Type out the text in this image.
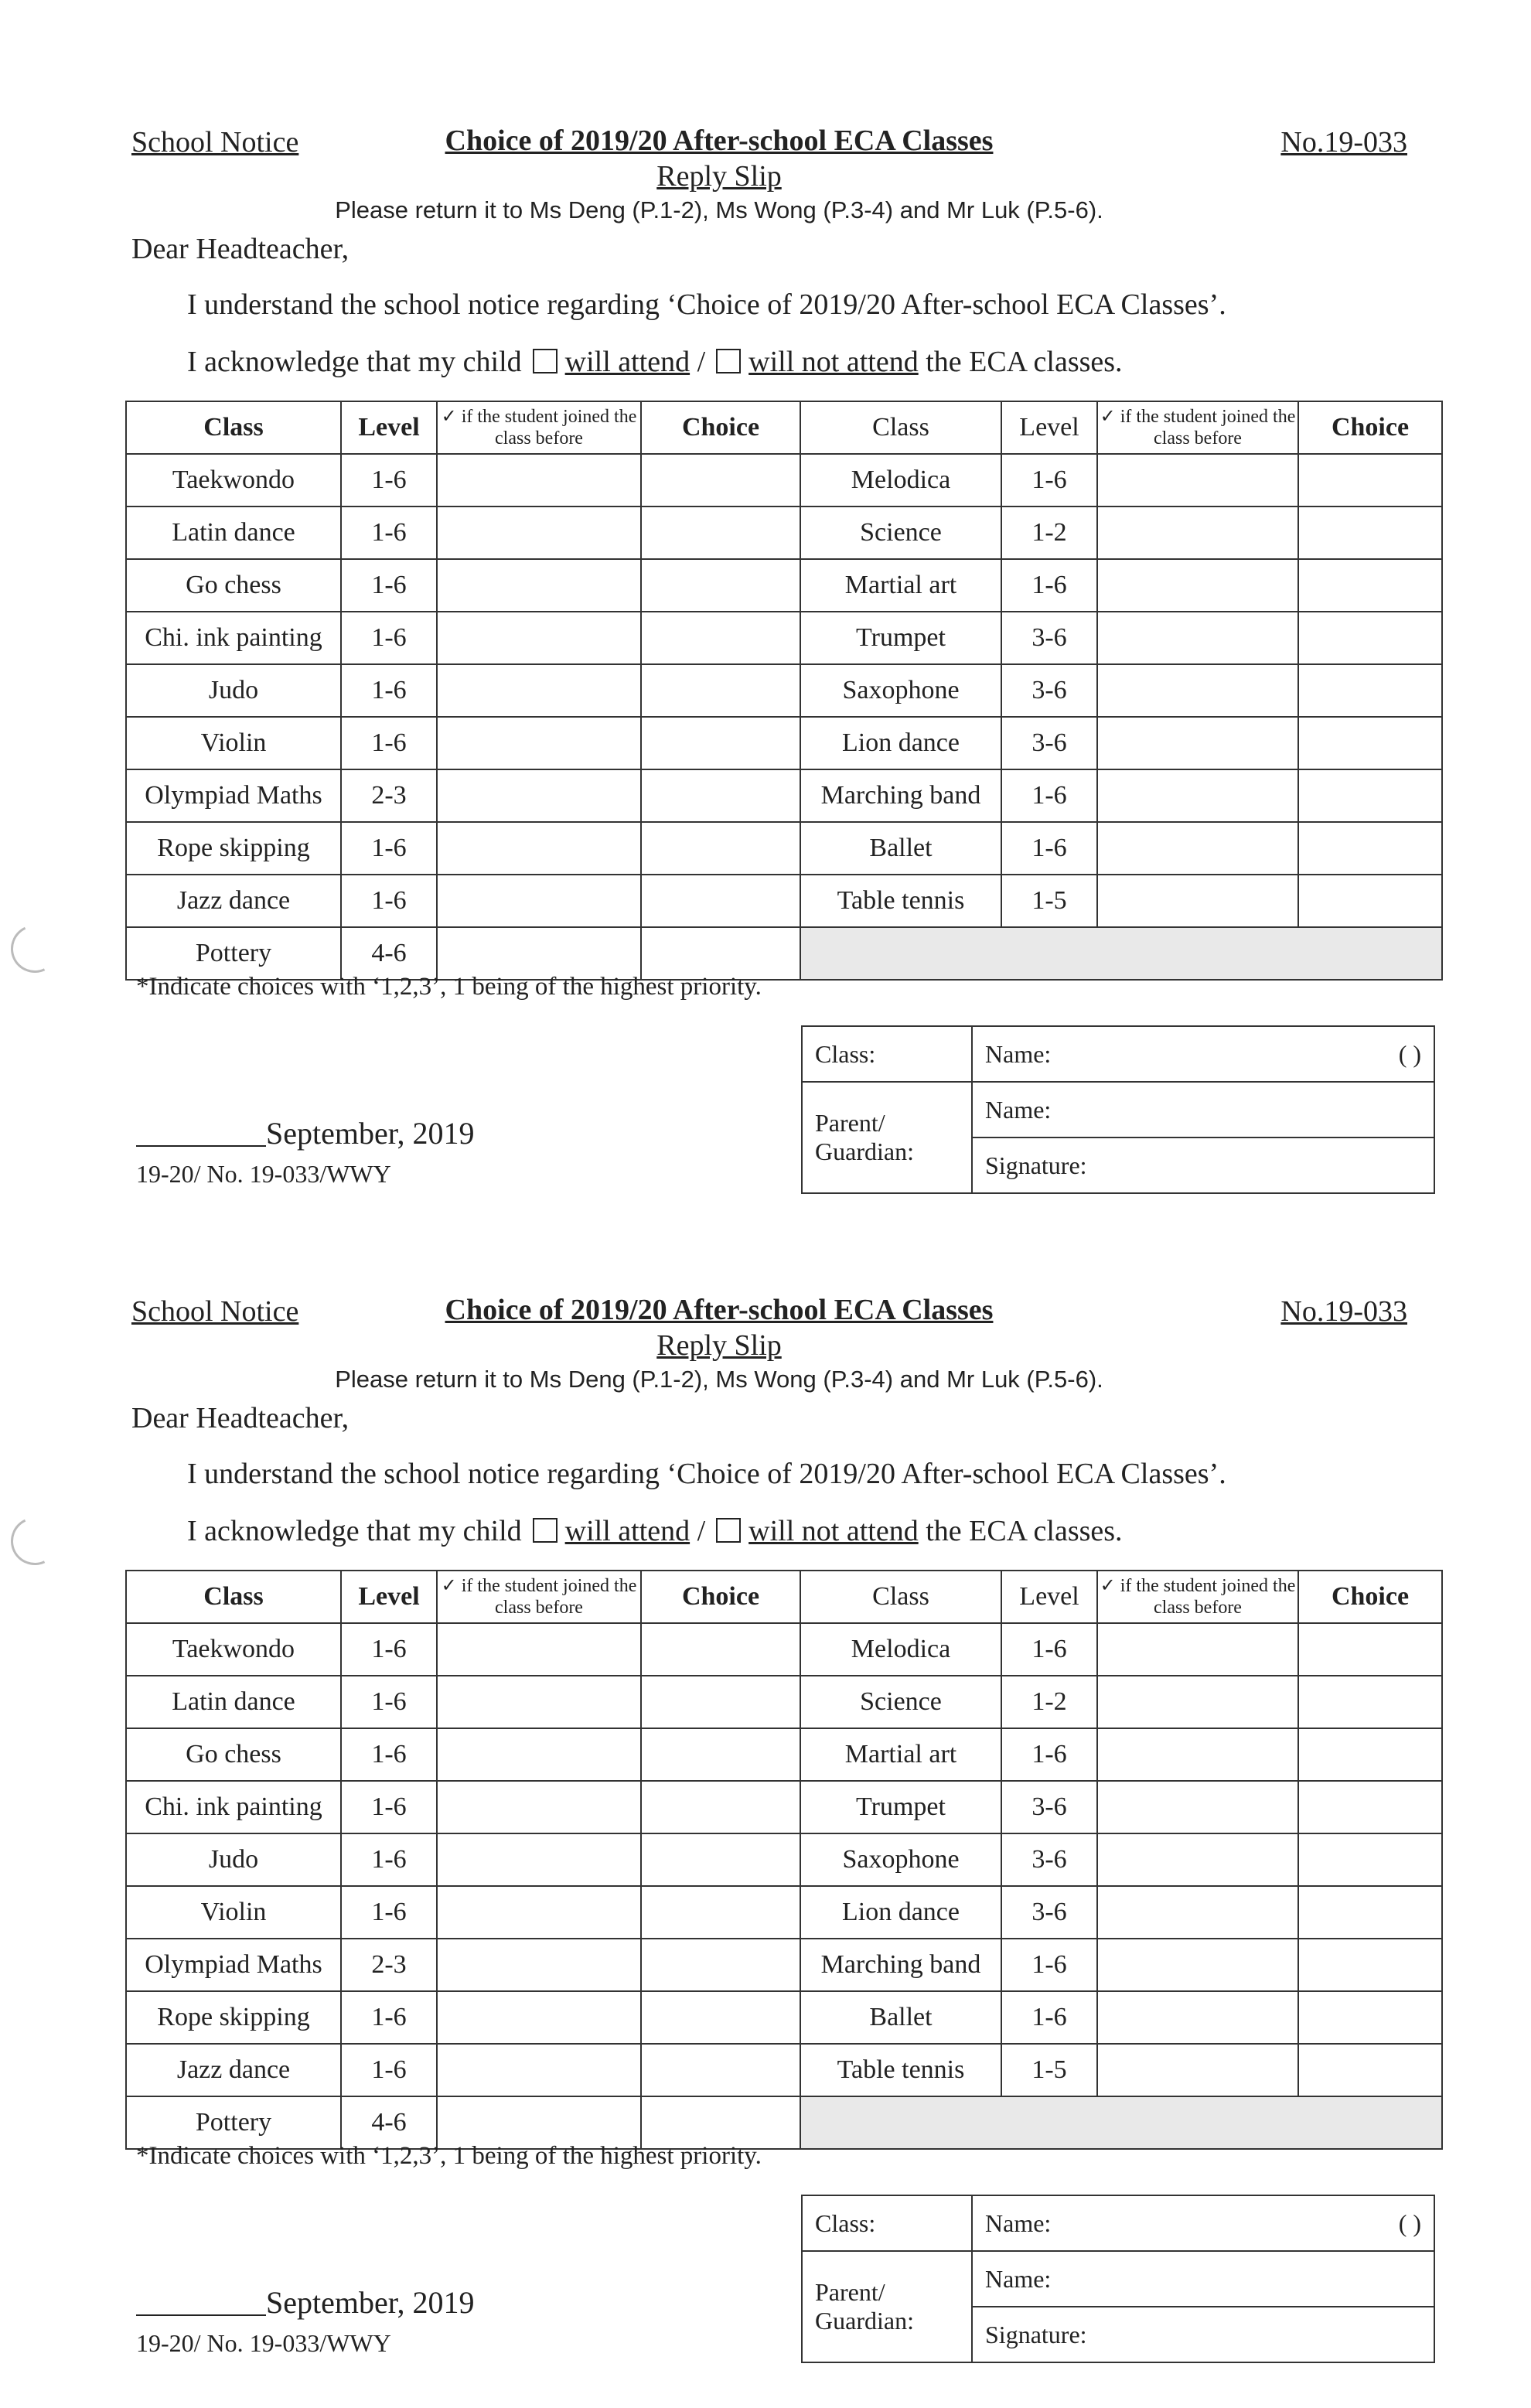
School Notice	Choice of 2019/20 After-school ECA Classes
Reply Slip
No.19-033
Please return it to Ms Deng (P.1-2), Ms Wong (P.3-4) and Mr Luk (P.5-6).
Dear Headteacher,
I understand the school notice regarding ‘Choice of 2019/20 After-school ECA Classes’.
I acknowledge that my child will attend / will not attend the ECA classes.
Class	Level	✓ if the student joined the class before	Choice	Class	Level	✓ if the student joined the class before	Choice
Taekwondo	1-6			Melodica	1-6		
Latin dance	1-6			Science	1-2		
Go chess	1-6			Martial art	1-6		
Chi. ink painting	1-6			Trumpet	3-6		
Judo	1-6			Saxophone	3-6		
Violin	1-6			Lion dance	3-6		
Olympiad Maths	2-3			Marching band	1-6		
Rope skipping	1-6			Ballet	1-6		
Jazz dance	1-6			Table tennis	1-5		
Pottery	4-6						
*Indicate choices with ‘1,2,3’, 1 being of the highest priority.
September, 2019
19-20/ No. 19-033/WWY
Class:	Name: ( )

Parent/ Guardian:	Name:
	Signature:
School Notice	Choice of 2019/20 After-school ECA Classes
Reply Slip
No.19-033
Please return it to Ms Deng (P.1-2), Ms Wong (P.3-4) and Mr Luk (P.5-6).
Dear Headteacher,
I understand the school notice regarding ‘Choice of 2019/20 After-school ECA Classes’.
I acknowledge that my child will attend / will not attend the ECA classes.
Class	Level	✓ if the student joined the class before	Choice	Class	Level	✓ if the student joined the class before	Choice
Taekwondo	1-6			Melodica	1-6		
Latin dance	1-6			Science	1-2		
Go chess	1-6			Martial art	1-6		
Chi. ink painting	1-6			Trumpet	3-6		
Judo	1-6			Saxophone	3-6		
Violin	1-6			Lion dance	3-6		
Olympiad Maths	2-3			Marching band	1-6		
Rope skipping	1-6			Ballet	1-6		
Jazz dance	1-6			Table tennis	1-5		
Pottery	4-6						
*Indicate choices with ‘1,2,3’, 1 being of the highest priority.
September, 2019
19-20/ No. 19-033/WWY
Class:	Name: ( )

Parent/ Guardian:	Name:
	Signature:
